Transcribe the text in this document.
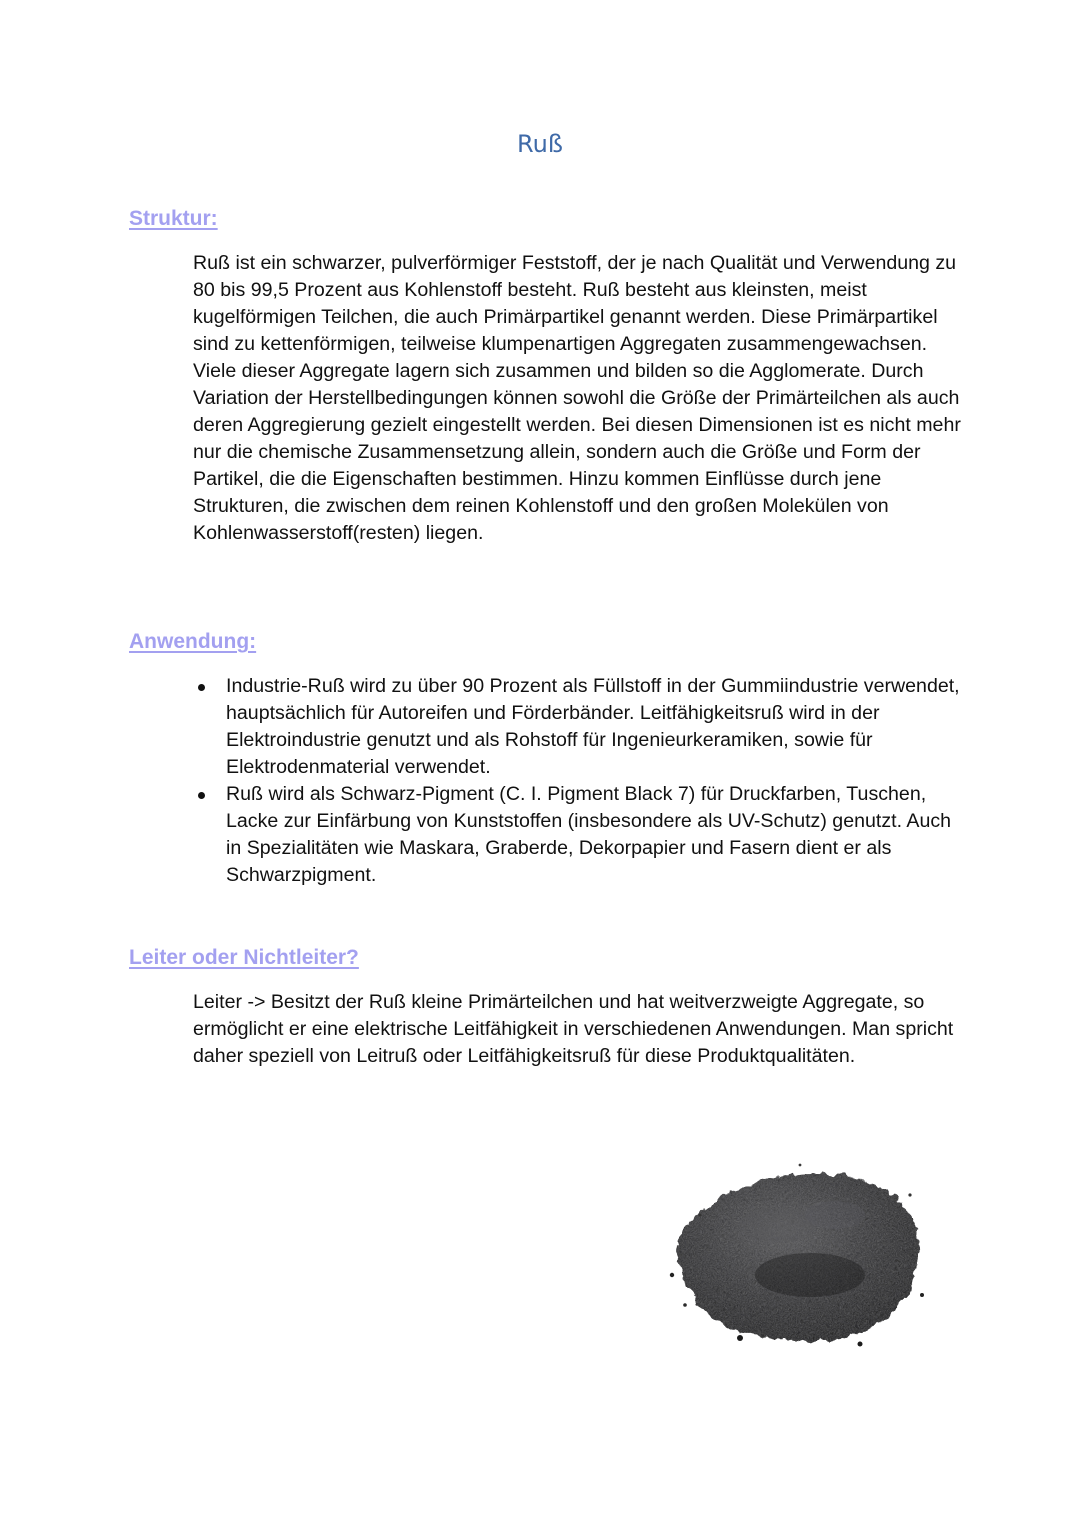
Ruß
Struktur:

Ruß ist ein schwarzer, pulverförmiger Feststoff, der je nach Qualität und Verwendung zu 80 bis 99,5 Prozent aus Kohlenstoff besteht. Ruß besteht aus kleinsten, meist kugelförmigen Teilchen, die auch Primärpartikel genannt werden. Diese Primärpartikel sind zu kettenförmigen, teilweise klumpenartigen Aggregaten zusammengewachsen. Viele dieser Aggregate lagern sich zusammen und bilden so die Agglomerate. Durch Variation der Herstellbedingungen können sowohl die Größe der Primärteilchen als auch deren Aggregierung gezielt eingestellt werden. Bei diesen Dimensionen ist es nicht mehr nur die chemische Zusammensetzung allein, sondern auch die Größe und Form der Partikel, die die Eigenschaften bestimmen. Hinzu kommen Einflüsse durch jene Strukturen, die zwischen dem reinen Kohlenstoff und den großen Molekülen von Kohlenwasserstoff(resten) liegen.

Anwendung:
Industrie-Ruß wird zu über 90 Prozent als Füllstoff in der Gummiindustrie verwendet, hauptsächlich für Autoreifen und Förderbänder. Leitfähigkeitsruß wird in der Elektroindustrie genutzt und als Rohstoff für Ingenieurkeramiken, sowie für Elektrodenmaterial verwendet.
Ruß wird als Schwarz-Pigment (C. I. Pigment Black 7) für Druckfarben, Tuschen, Lacke zur Einfärbung von Kunststoffen (insbesondere als UV-Schutz) genutzt. Auch in Spezialitäten wie Maskara, Graberde, Dekorpapier und Fasern dient er als Schwarzpigment.
Leiter oder Nichtleiter?

Leiter -> Besitzt der Ruß kleine Primärteilchen und hat weitverzweigte Aggregate, so ermöglicht er eine elektrische Leitfähigkeit in verschiedenen Anwendungen. Man spricht daher speziell von Leitruß oder Leitfähigkeitsruß für diese Produktqualitäten.
